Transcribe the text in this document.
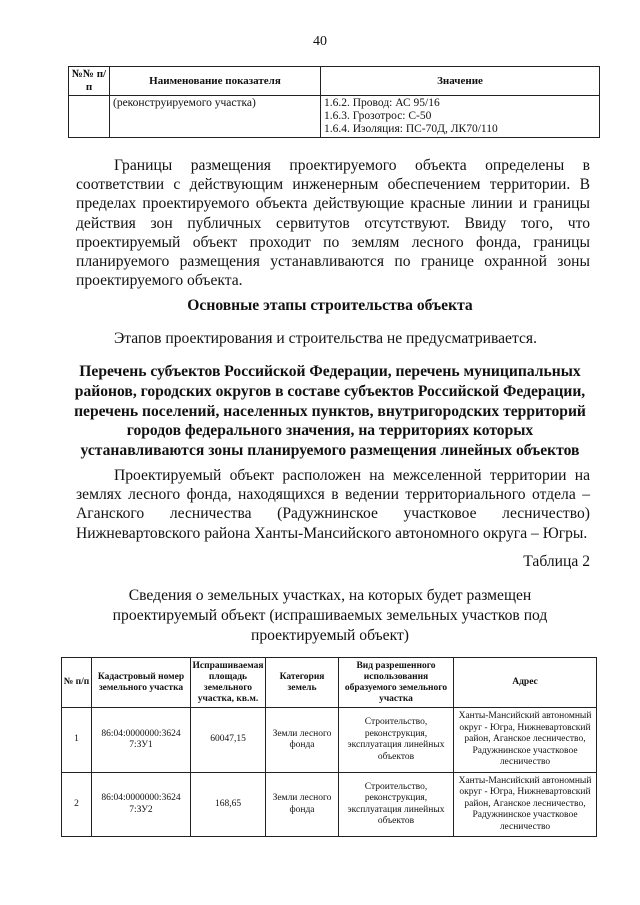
40
№№ п/п	Наименование показателя	Значение
	(реконструируемого участка)	1.6.2. Провод: АС 95/16
1.6.3. Грозотрос: С-50
1.6.4. Изоляция: ПС-70Д, ЛК70/110
Границы размещения проектируемого объекта определены в соответствии с действующим инженерным обеспечением территории. В пределах проектируемого объекта действующие красные линии и границы действия зон публичных сервитутов отсутствуют. Ввиду того, что проектируемый объект проходит по землям лесного фонда, границы планируемого размещения устанавливаются по границе охранной зоны проектируемого объекта.
Основные этапы строительства объекта
Этапов проектирования и строительства не предусматривается.
Перечень субъектов Российской Федерации, перечень муниципальных
районов, городских округов в составе субъектов Российской Федерации,
перечень поселений, населенных пунктов, внутригородских территорий
городов федерального значения, на территориях которых
устанавливаются зоны планируемого размещения линейных объектов
Проектируемый объект расположен на межселенной территории на землях лесного фонда, находящихся в ведении территориального отдела – Аганского лесничества (Радужнинское участковое лесничество) Нижневартовского района Ханты-Мансийского автономного округа – Югры.
Таблица 2
Сведения о земельных участках, на которых будет размещен
проектируемый объект (испрашиваемых земельных участков под
проектируемый объект)
№ п/п	Кадастровый номер земельного участка	Испрашиваемая площадь земельного участка, кв.м.	Категория земель	Вид разрешенного использования образуемого земельного участка	Адрес
1	86:04:0000000:3624 7:ЗУ1	60047,15	Земли лесного фонда	Строительство, реконструкция, эксплуатация линейных объектов	Ханты-Мансийский автономный округ - Югра, Нижневартовский район, Аганское лесничество, Радужнинское участковое лесничество
2	86:04:0000000:3624 7:ЗУ2	168,65	Земли лесного фонда	Строительство, реконструкция, эксплуатация линейных объектов	Ханты-Мансийский автономный округ - Югра, Нижневартовский район, Аганское лесничество, Радужнинское участковое лесничество
